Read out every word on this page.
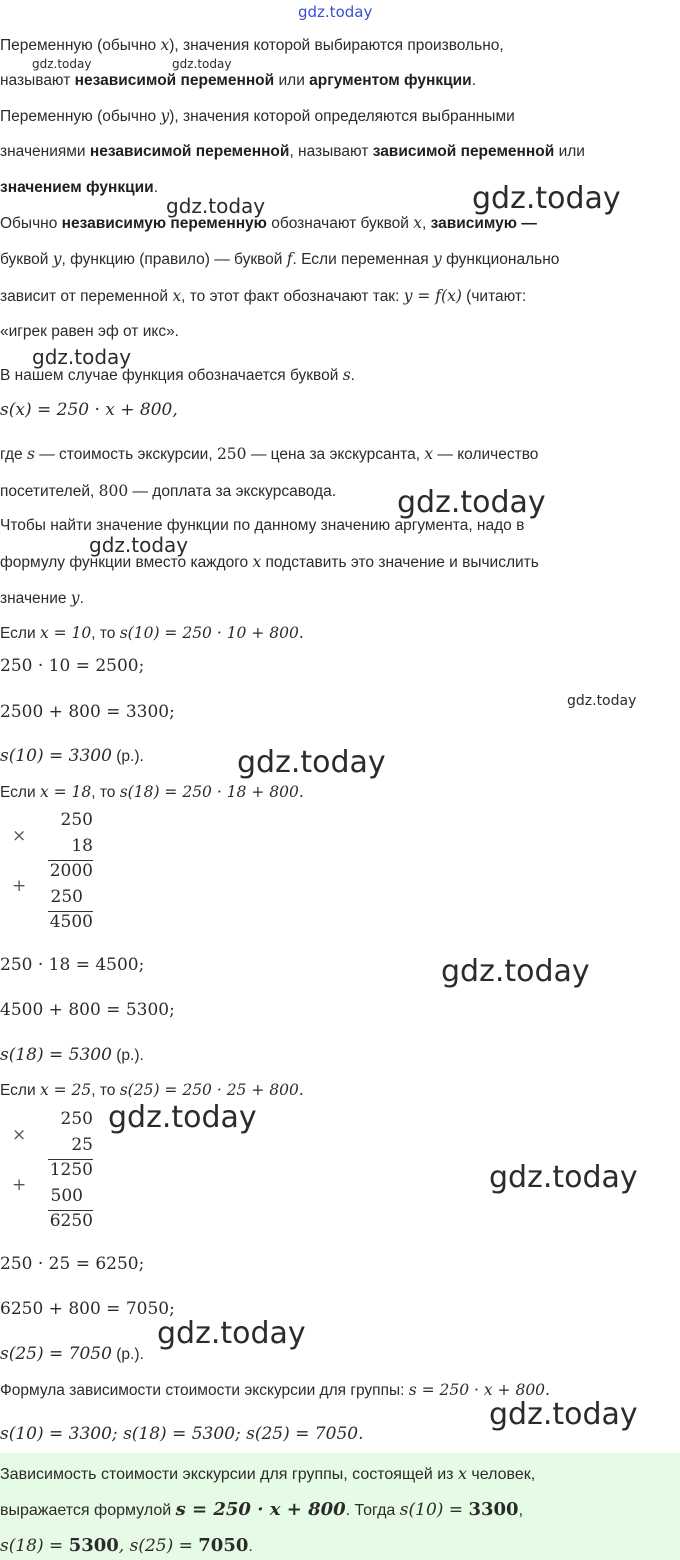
gdz.today
gdz.today	gdz.today
gdz.today	gdz.today
gdz.today
gdz.today
gdz.today
gdz.today
gdz.today
gdz.today
gdz.today
gdz.today
gdz.today
gdz.today
Переменную (обычно x), значения которой выбираются произвольно,
называют независимой переменной или аргументом функции.
Переменную (обычно y), значения которой определяются выбранными
значениями независимой переменной, называют зависимой переменной или
значением функции.
Обычно независимую переменную обозначают буквой x, зависимую —
буквой y, функцию (правило) — буквой f. Если переменная y функционально
зависит от переменной x, то этот факт обозначают так: y = f(x) (читают:
«игрек равен эф от икс».
В нашем случае функция обозначается буквой s.
s(x) = 250 · x + 800,
где s — стоимость экскурсии, 250 — цена за экскурсанта, x — количество
посетителей, 800 — доплата за экскурсавода.
Чтобы найти значение функции по данному значению аргумента, надо в
формулу функции вместо каждого x подставить это значение и вычислить
значение y.
Если x = 10, то s(10) = 250 · 10 + 800.
250 · 10 = 2500;
2500 + 800 = 3300;
s(10) = 3300 (р.).
Если x = 18, то s(18) = 250 · 18 + 800.
×
250
18
+
2000
250
4500
250 · 18 = 4500;
4500 + 800 = 5300;
s(18) = 5300 (р.).
Если x = 25, то s(25) = 250 · 25 + 800.
×
250
25
+
1250
500
6250
250 · 25 = 6250;
6250 + 800 = 7050;
s(25) = 7050 (р.).
Формула зависимости стоимости экскурсии для группы: s = 250 · x + 800.
s(10) = 3300; s(18) = 5300; s(25) = 7050.
Зависимость стоимости экскурсии для группы, состоящей из x человек,
выражается формулой s = 250 · x + 800. Тогда s(10) = 3300,
s(18) = 5300, s(25) = 7050.
